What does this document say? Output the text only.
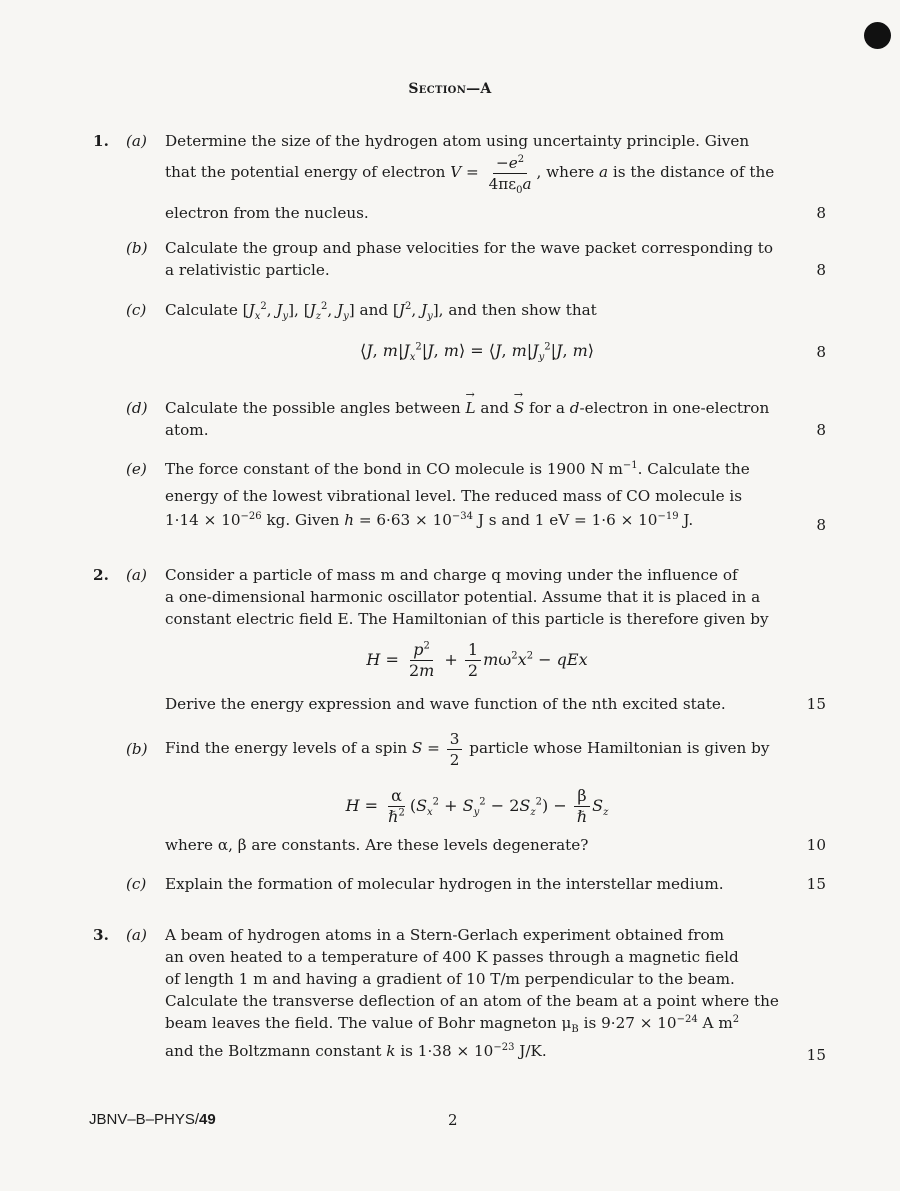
Section—A
1. (a) Determine the size of the hydrogen atom using uncertainty principle. Given
that the potential energy of electron $V = \frac{-e^2}{4\pi\varepsilon_0a}$ , where a is the distance of the
electron from the nucleus.	8
(b) Calculate the group and phase velocities for the wave packet corresponding to
a relativistic particle.	8
(c) Calculate [$J_x^2$, $J_y$], [$J_z^2$, $J_y$] and [$J^2$, $J_y$], and then show that
⟨J, $m|J_x^2|J$, m⟩ = ⟨J, $m|J_y^2|J$, m⟩	8
(d) Calculate the possible angles between → L and → S for a d-electron in one-electron
atom.	8
(e) The force constant of the bond in CO molecule is 1900 N $m^{-1}$. Calculate the
energy of the lowest vibrational level. The reduced mass of CO molecule is
$1\cdot 14 \times 10^{-26}$ kg. Given $h = 6\cdot 63 \times 10^{-34}$ J s and 1 eV = $1\cdot 6 \times 10^{-19}$ J.	8
2. (a) Consider a particle of mass m and charge q moving under the influence of
a one-dimensional harmonic oscillator potential. Assume that it is placed in a
constant electric field E. The Hamiltonian of this particle is therefore given by
$H = \frac{p^2}{2m} + \frac{1}{2} m\omega^2x^2$ − qEx
Derive the energy expression and wave function of the nth excited state.	15
(b) Find the energy levels of a spin $S = \frac{3}{2}$ particle whose Hamiltonian is given by
$H = \frac{\alpha}{\hbar^2} (S_x^2 + S_y^2 - 2S_z^2) - \frac{\beta}{\text{ℏ}} S_z$
where α, β are constants. Are these levels degenerate?	10
(c) Explain the formation of molecular hydrogen in the interstellar medium.	15
3. (a) A beam of hydrogen atoms in a Stern-Gerlach experiment obtained from
an oven heated to a temperature of 400 K passes through a magnetic field
of length 1 m and having a gradient of 10 T/m perpendicular to the beam.
Calculate the transverse deflection of an atom of the beam at a point where the
beam leaves the field. The value of Bohr magneton $\mu_B$ is $9\cdot 27 \times 10^{-24}$ A $m^2$
and the Boltzmann constant k is $1\cdot 38 \times 10^{-23}$ J/K.	15
JBNV–B–PHYS/49	2
